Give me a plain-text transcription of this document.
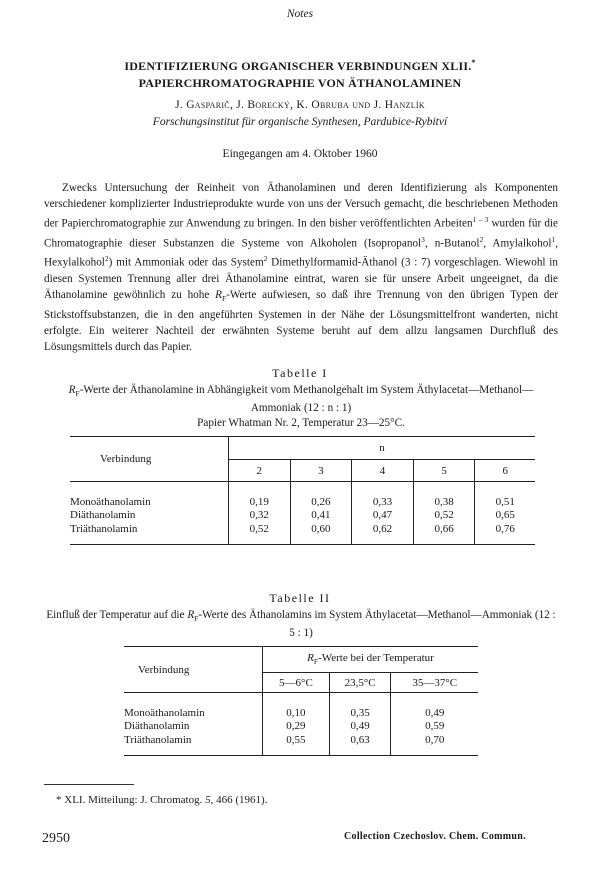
Notes
IDENTIFIZIERUNG ORGANISCHER VERBINDUNGEN XLII.*
PAPIERCHROMATOGRAPHIE VON ÄTHANOLAMINEN
J. Gasparič, J. Borecký, K. Obruba und J. Hanzlík
Forschungsinstitut für organische Synthesen, Pardubice-Rybitví
Eingegangen am 4. Oktober 1960
Zwecks Untersuchung der Reinheit von Äthanolaminen und deren Identifizierung als Komponenten verschiedener komplizierter Industrieprodukte wurde von uns der Versuch gemacht, die beschriebenen Methoden der Papierchromatographie zur Anwendung zu bringen. In den bisher veröffentlichten Arbeiten$^{1 - 3}$ wurden für die Chromatographie dieser Substanzen die Systeme von Alkoholen (Isopropanol$^3$, n-Butanol$^2$, Amylalkohol$^1$, Hexylalkohol$^2$) mit Ammoniak oder das System$^2$ Dimethylformamid-Äthanol (3 : 7) vorgeschlagen. Wiewohl in diesen Systemen Trennung aller drei Äthanolamine eintrat, waren sie für unsere Arbeit ungeeignet, da die Äthanolamine gewöhnlich zu hohe $R_F$-Werte aufwiesen, so daß ihre Trennung von den übrigen Typen der Stickstoffsubstanzen, die in den angeführten Systemen in der Nähe der Lösungsmittelfront wanderten, nicht erfolgte. Ein weiterer Nachteil der erwähnten Systeme beruht auf dem allzu langsamen Durchfluß des Lösungsmittels durch das Papier.
Tabelle I
$R_F$-Werte der Äthanolamine in Abhängigkeit vom Methanolgehalt im System Äthylacetat—Methanol—Ammoniak (12 : n : 1)
Papier Whatman Nr. 2, Temperatur 23—25°C.
Verbindung	n				
	2	3	4	5	6
Monoäthanolamin	0,19	0,26	0,33	0,38	0,51
Diäthanolamin	0,32	0,41	0,47	0,52	0,65
Triäthanolamin	0,52	0,60	0,62	0,66	0,76
Tabelle II
Einfluß der Temperatur auf die $R_F$-Werte des Äthanolamins im System Äthylacetat—Methanol—Ammoniak (12 : 5 : 1)
Verbindung	$R_F$-Werte bei der Temperatur		
	5—6°C	23,5°C	35—37°C
Monoäthanolamin	0,10	0,35	0,49
Diäthanolamin	0,29	0,49	0,59
Triäthanolamin	0,55	0,63	0,70
* XLI. Mitteilung: J. Chromatog. 5, 466 (1961).
2950	Collection Czechoslov. Chem. Commun.
